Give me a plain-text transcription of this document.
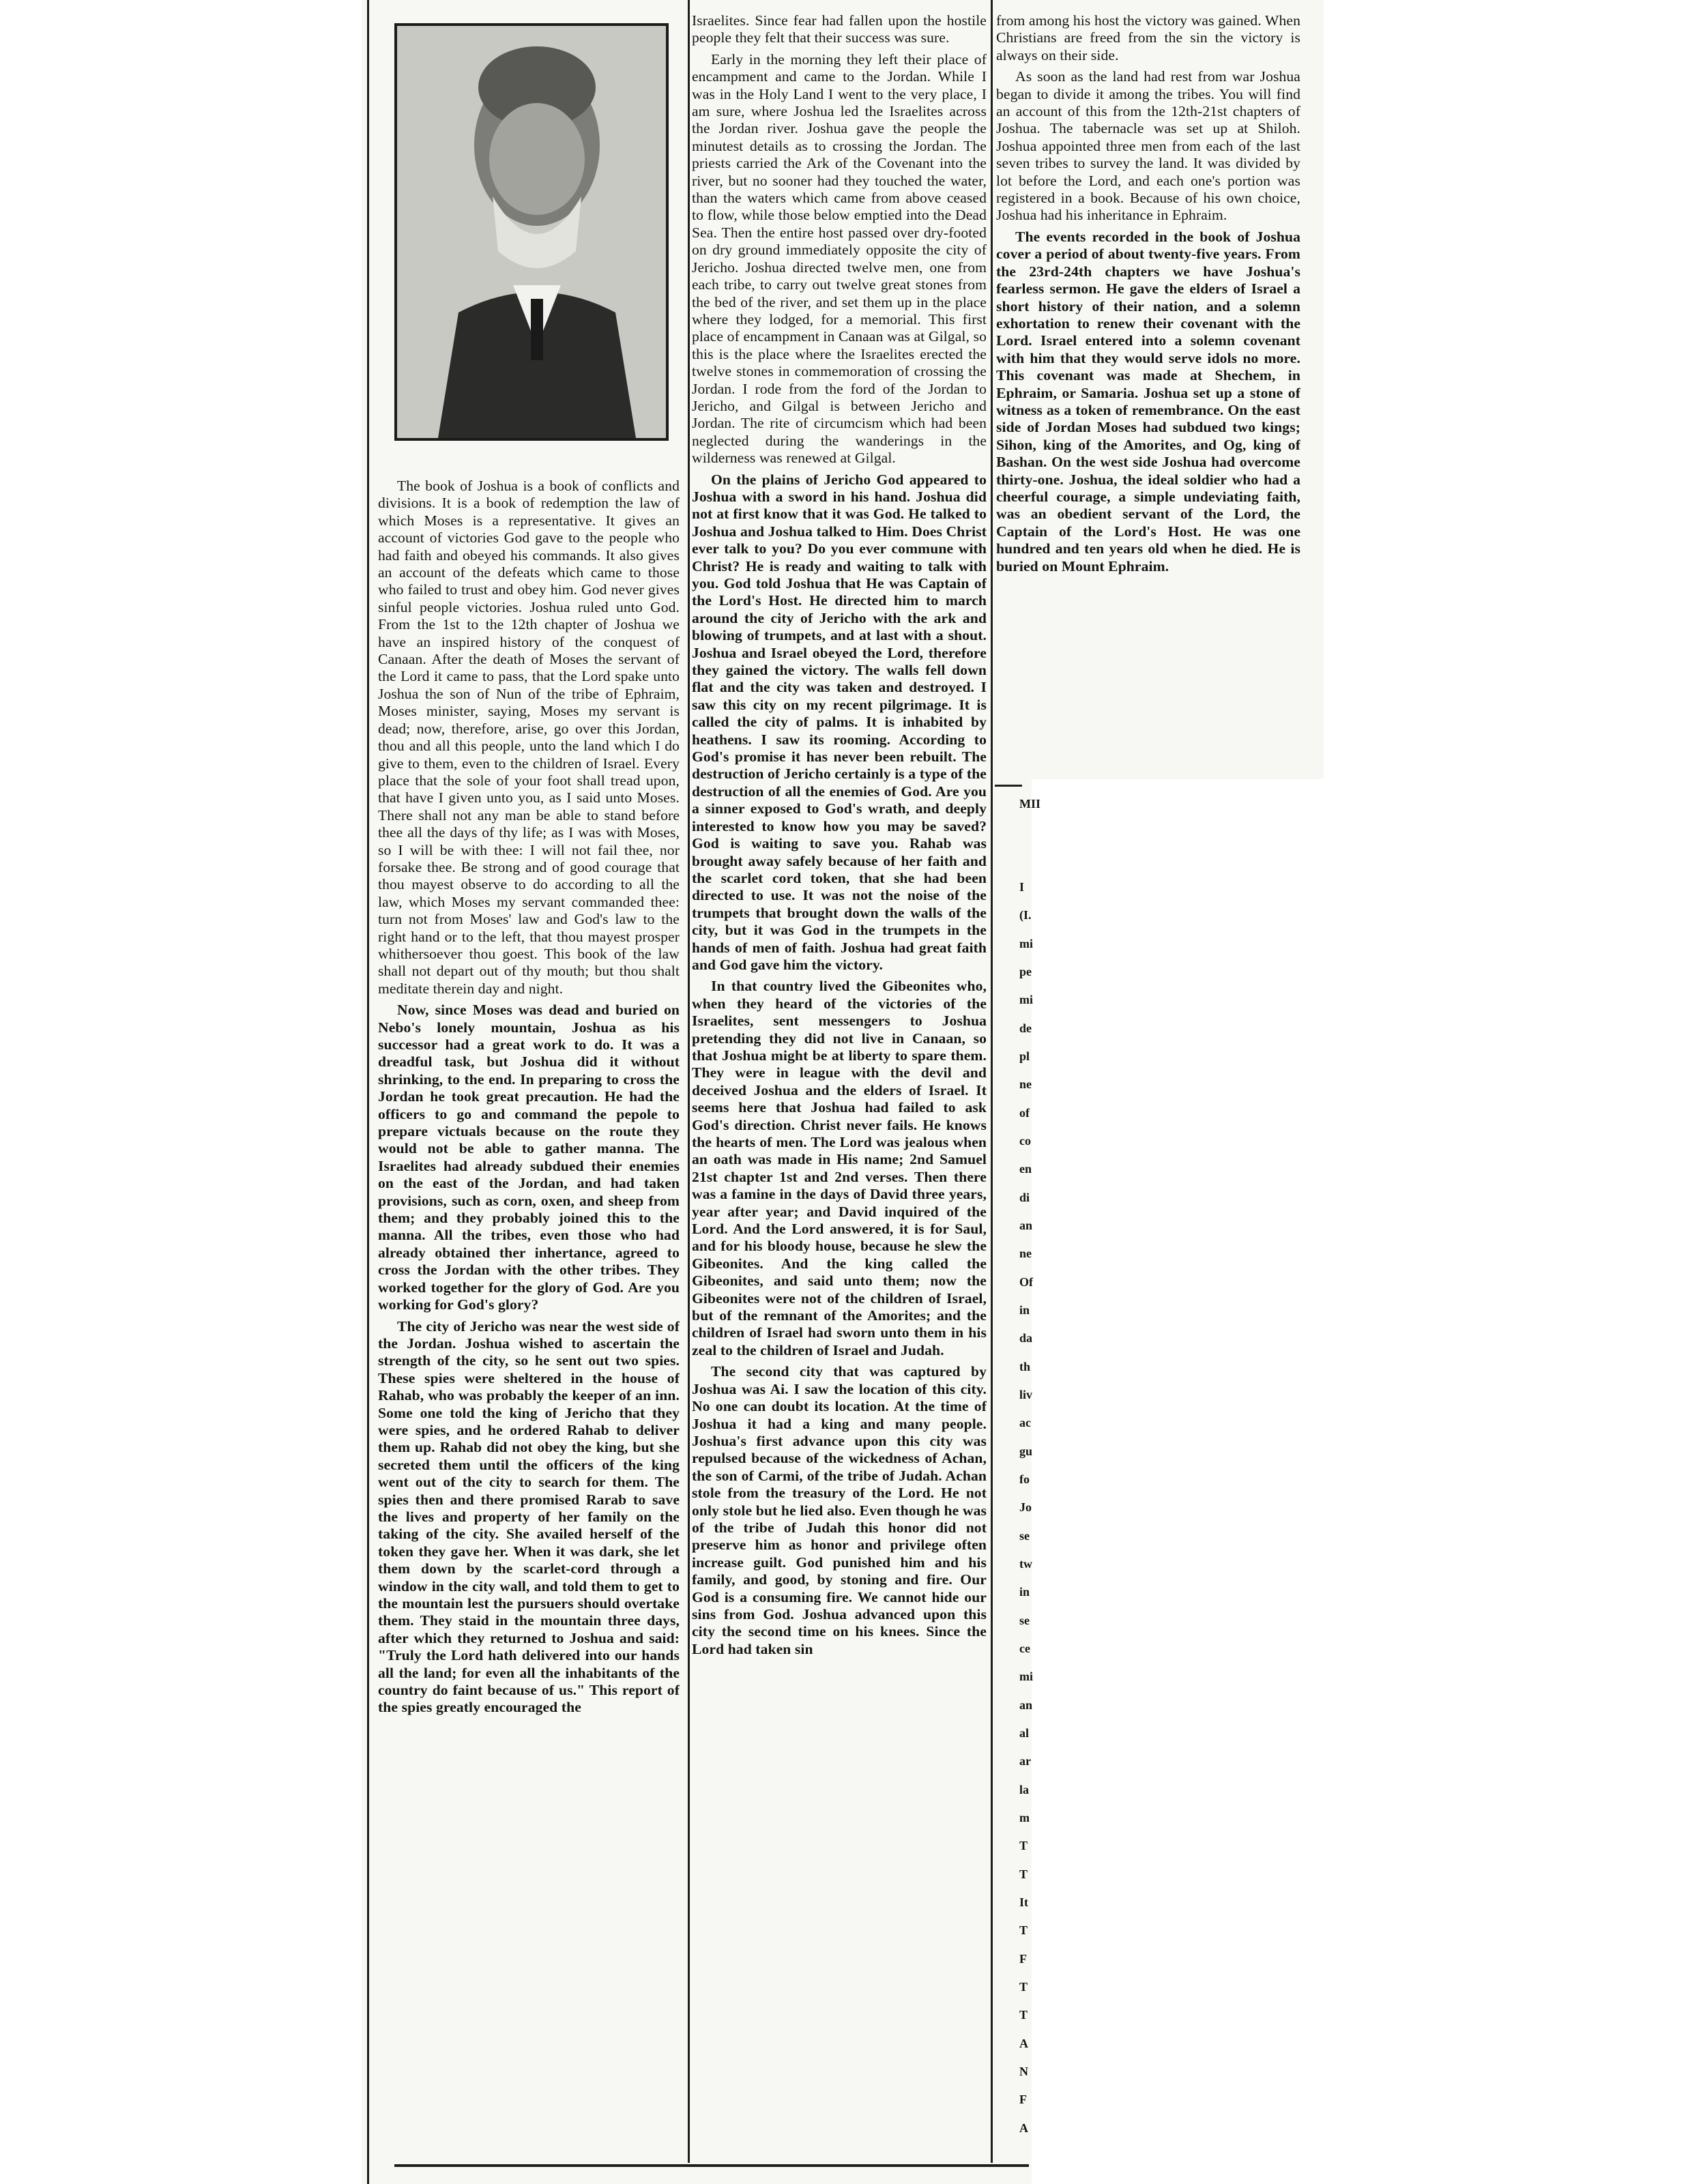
The book of Joshua is a book of conflicts and divisions. It is a book of redemption the law of which Moses is a representative. It gives an account of victories God gave to the people who had faith and obeyed his commands. It also gives an account of the defeats which came to those who failed to trust and obey him. God never gives sinful people victories. Joshua ruled unto God. From the 1st to the 12th chapter of Joshua we have an inspired history of the conquest of Canaan. After the death of Moses the servant of the Lord it came to pass, that the Lord spake unto Joshua the son of Nun of the tribe of Ephraim, Moses minister, saying, Moses my servant is dead; now, therefore, arise, go over this Jordan, thou and all this people, unto the land which I do give to them, even to the children of Israel. Every place that the sole of your foot shall tread upon, that have I given unto you, as I said unto Moses. There shall not any man be able to stand before thee all the days of thy life; as I was with Moses, so I will be with thee: I will not fail thee, nor forsake thee. Be strong and of good courage that thou mayest observe to do according to all the law, which Moses my servant commanded thee: turn not from Moses' law and God's law to the right hand or to the left, that thou mayest prosper whithersoever thou goest. This book of the law shall not depart out of thy mouth; but thou shalt meditate therein day and night.

Now, since Moses was dead and buried on Nebo's lonely mountain, Joshua as his successor had a great work to do. It was a dreadful task, but Joshua did it without shrinking, to the end. In preparing to cross the Jordan he took great precaution. He had the officers to go and command the pepole to prepare victuals because on the route they would not be able to gather manna. The Israelites had already subdued their enemies on the east of the Jordan, and had taken provisions, such as corn, oxen, and sheep from them; and they probably joined this to the manna. All the tribes, even those who had already obtained ther inhertance, agreed to cross the Jordan with the other tribes. They worked together for the glory of God. Are you working for God's glory?

The city of Jericho was near the west side of the Jordan. Joshua wished to ascertain the strength of the city, so he sent out two spies. These spies were sheltered in the house of Rahab, who was probably the keeper of an inn. Some one told the king of Jericho that they were spies, and he ordered Rahab to deliver them up. Rahab did not obey the king, but she secreted them until the officers of the king went out of the city to search for them. The spies then and there promised Rarab to save the lives and property of her family on the taking of the city. She availed herself of the token they gave her. When it was dark, she let them down by the scarlet-cord through a window in the city wall, and told them to get to the mountain lest the pursuers should overtake them. They staid in the mountain three days, after which they returned to Joshua and said: "Truly the Lord hath delivered into our hands all the land; for even all the inhabitants of the country do faint because of us." This report of the spies greatly encouraged the

Israelites. Since fear had fallen upon the hostile people they felt that their success was sure.

Early in the morning they left their place of encampment and came to the Jordan. While I was in the Holy Land I went to the very place, I am sure, where Joshua led the Israelites across the Jordan river. Joshua gave the people the minutest details as to crossing the Jordan. The priests carried the Ark of the Covenant into the river, but no sooner had they touched the water, than the waters which came from above ceased to flow, while those below emptied into the Dead Sea. Then the entire host passed over dry-footed on dry ground immediately opposite the city of Jericho. Joshua directed twelve men, one from each tribe, to carry out twelve great stones from the bed of the river, and set them up in the place where they lodged, for a memorial. This first place of encampment in Canaan was at Gilgal, so this is the place where the Israelites erected the twelve stones in commemoration of crossing the Jordan. I rode from the ford of the Jordan to Jericho, and Gilgal is between Jericho and Jordan. The rite of circumcism which had been neglected during the wanderings in the wilderness was renewed at Gilgal.

On the plains of Jericho God appeared to Joshua with a sword in his hand. Joshua did not at first know that it was God. He talked to Joshua and Joshua talked to Him. Does Christ ever talk to you? Do you ever commune with Christ? He is ready and waiting to talk with you. God told Joshua that He was Captain of the Lord's Host. He directed him to march around the city of Jericho with the ark and blowing of trumpets, and at last with a shout. Joshua and Israel obeyed the Lord, therefore they gained the victory. The walls fell down flat and the city was taken and destroyed. I saw this city on my recent pilgrimage. It is called the city of palms. It is inhabited by heathens. I saw its rooming. According to God's promise it has never been rebuilt. The destruction of Jericho certainly is a type of the destruction of all the enemies of God. Are you a sinner exposed to God's wrath, and deeply interested to know how you may be saved? God is waiting to save you. Rahab was brought away safely because of her faith and the scarlet cord token, that she had been directed to use. It was not the noise of the trumpets that brought down the walls of the city, but it was God in the trumpets in the hands of men of faith. Joshua had great faith and God gave him the victory.

In that country lived the Gibeonites who, when they heard of the victories of the Israelites, sent messengers to Joshua pretending they did not live in Canaan, so that Joshua might be at liberty to spare them. They were in league with the devil and deceived Joshua and the elders of Israel. It seems here that Joshua had failed to ask God's direction. Christ never fails. He knows the hearts of men. The Lord was jealous when an oath was made in His name; 2nd Samuel 21st chapter 1st and 2nd verses. Then there was a famine in the days of David three years, year after year; and David inquired of the Lord. And the Lord answered, it is for Saul, and for his bloody house, because he slew the Gibeonites. And the king called the Gibeonites, and said unto them; now the Gibeonites were not of the children of Israel, but of the remnant of the Amorites; and the children of Israel had sworn unto them in his zeal to the children of Israel and Judah.

The second city that was captured by Joshua was Ai. I saw the location of this city. No one can doubt its location. At the time of Joshua it had a king and many people. Joshua's first advance upon this city was repulsed because of the wickedness of Achan, the son of Carmi, of the tribe of Judah. Achan stole from the treasury of the Lord. He not only stole but he lied also. Even though he was of the tribe of Judah this honor did not preserve him as honor and privilege often increase guilt. God punished him and his family, and good, by stoning and fire. Our God is a consuming fire. We cannot hide our sins from God. Joshua advanced upon this city the second time on his knees. Since the Lord had taken sin

from among his host the victory was gained. When Christians are freed from the sin the victory is always on their side.

As soon as the land had rest from war Joshua began to divide it among the tribes. You will find an account of this from the 12th-21st chapters of Joshua. The tabernacle was set up at Shiloh. Joshua appointed three men from each of the last seven tribes to survey the land. It was divided by lot before the Lord, and each one's portion was registered in a book. Because of his own choice, Joshua had his inheritance in Ephraim.

The events recorded in the book of Joshua cover a period of about twenty-five years. From the 23rd-24th chapters we have Joshua's fearless sermon. He gave the elders of Israel a short history of their nation, and a solemn exhortation to renew their covenant with the Lord. Israel entered into a solemn covenant with him that they would serve idols no more. This covenant was made at Shechem, in Ephraim, or Samaria. Joshua set up a stone of witness as a token of remembrance. On the east side of Jordan Moses had subdued two kings; Sihon, king of the Amorites, and Og, king of Bashan. On the west side Joshua had overcome thirty-one. Joshua, the ideal soldier who had a cheerful courage, a simple undeviating faith, was an obedient servant of the Lord, the Captain of the Lord's Host. He was one hundred and ten years old when he died. He is buried on Mount Ephraim.

MII
I
(I.
mi
pe
mi
de
pl
ne
of
co
en
di
an
ne
Of
in
da
th
liv
ac
gu
fo
Jo
se
tw
in
se
ce
mi
an
al
ar
la
m
T
T
It
T
F
T
T
A
N
F
A
